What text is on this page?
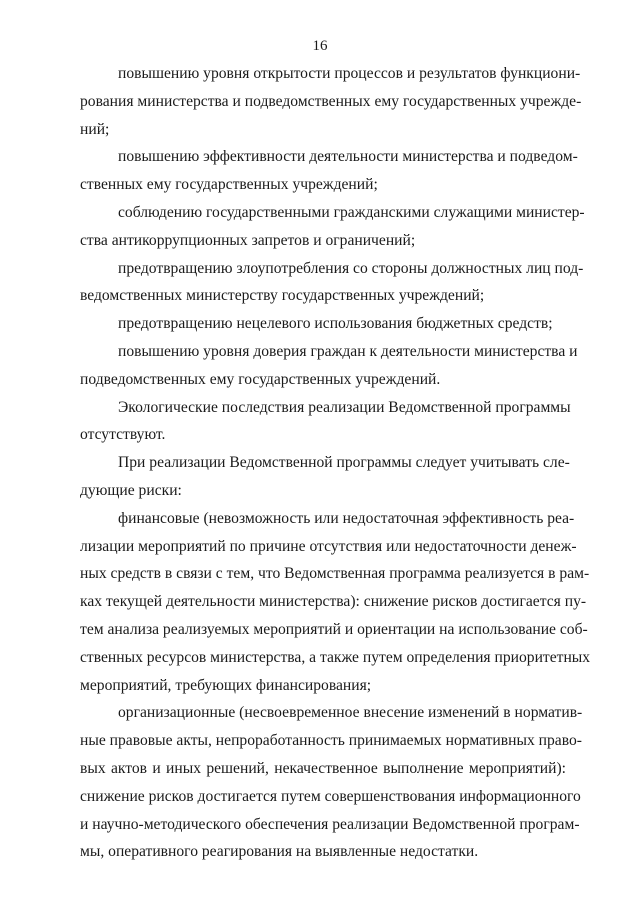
16

повышению уровня открытости процессов и результатов функциони-
рования министерства и подведомственных ему государственных учрежде-
ний;

повышению эффективности деятельности министерства и подведом-
ственных ему государственных учреждений;

соблюдению государственными гражданскими служащими министер-
ства антикоррупционных запретов и ограничений;

предотвращению злоупотребления со стороны должностных лиц под-
ведомственных министерству государственных учреждений;

предотвращению нецелевого использования бюджетных средств;

повышению уровня доверия граждан к деятельности министерства и
подведомственных ему государственных учреждений.

Экологические последствия реализации Ведомственной программы
отсутствуют.

При реализации Ведомственной программы следует учитывать сле-
дующие риски:

финансовые (невозможность или недостаточная эффективность реа-
лизации мероприятий по причине отсутствия или недостаточности денеж-
ных средств в связи с тем, что Ведомственная программа реализуется в рам-
ках текущей деятельности министерства): снижение рисков достигается пу-
тем анализа реализуемых мероприятий и ориентации на использование соб-
ственных ресурсов министерства, а также путем определения приоритетных
мероприятий, требующих финансирования;

организационные (несвоевременное внесение изменений в норматив-
ные правовые акты, непроработанность принимаемых нормативных право-
вых актов и иных решений, некачественное выполнение мероприятий):
снижение рисков достигается путем совершенствования информационного
и научно-методического обеспечения реализации Ведомственной програм-
мы, оперативного реагирования на выявленные недостатки.
